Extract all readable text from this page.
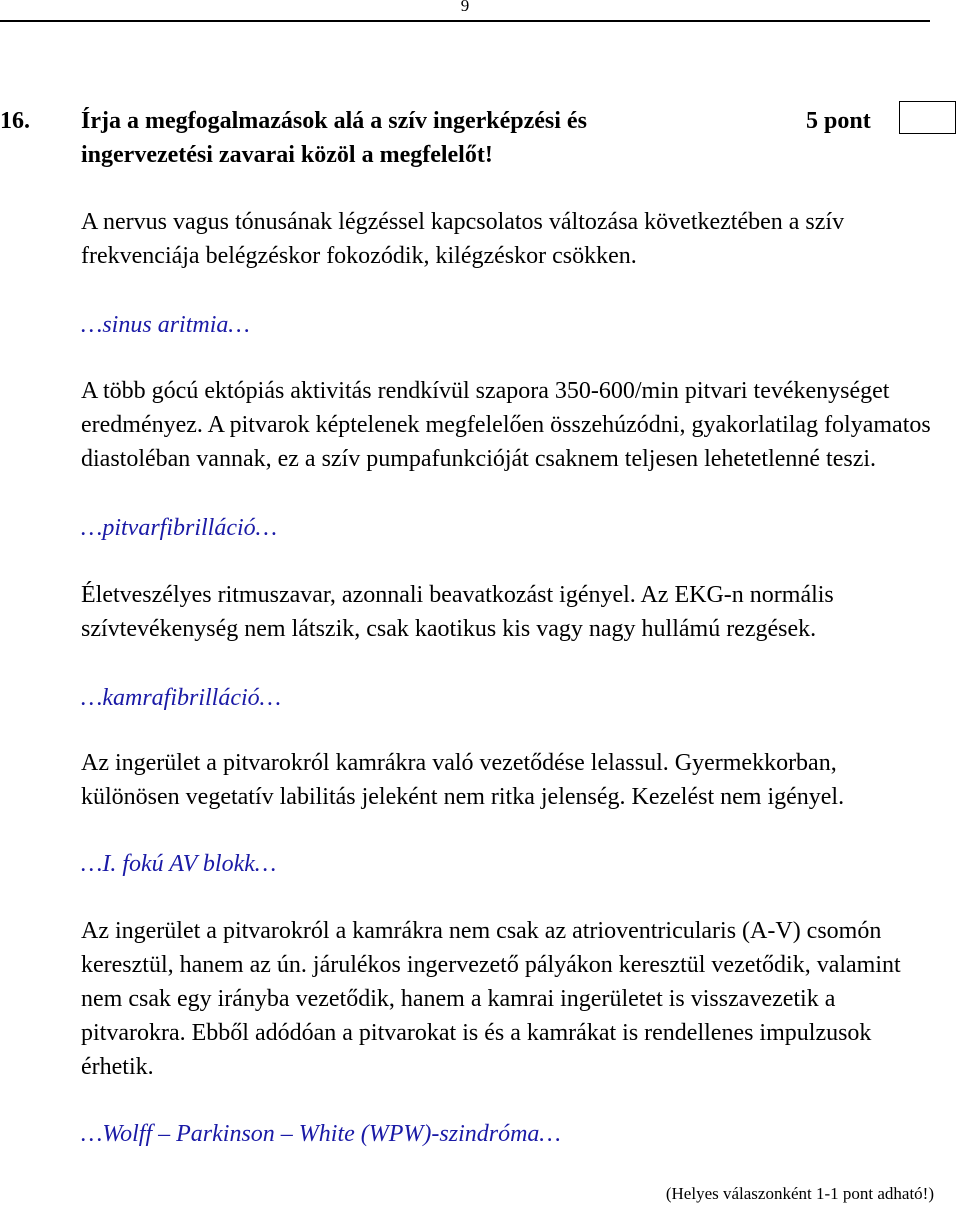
9
16. Írja a megfogalmazások alá a szív ingerképzési és ingervezetési zavarai közöl a megfelelőt!
5 pont
A nervus vagus tónusának légzéssel kapcsolatos változása következtében a szív frekvenciája belégzéskor fokozódik, kilégzéskor csökken.
…sinus aritmia…
A több gócú ektópiás aktivitás rendkívül szapora 350-600/min pitvari tevékenységet eredményez. A pitvarok képtelenek megfelelően összehúzódni, gyakorlatilag folyamatos diastoléban vannak, ez a szív pumpafunkcióját csaknem teljesen lehetetlenné teszi.
…pitvarfibrilláció…
Életveszélyes ritmuszavar, azonnali beavatkozást igényel. Az EKG-n normális szívtevékenység nem látszik, csak kaotikus kis vagy nagy hullámú rezgések.
…kamrafibrilláció…
Az ingerület a pitvarokról kamrákra való vezetődése lelassul. Gyermekkorban, különösen vegetatív labilitás jeleként nem ritka jelenség. Kezelést nem igényel.
…I. fokú AV blokk…
Az ingerület a pitvarokról a kamrákra nem csak az atrioventricularis (A-V) csomón keresztül, hanem az ún. járulékos ingervezető pályákon keresztül vezetődik, valamint nem csak egy irányba vezetődik, hanem a kamrai ingerületet is visszavezetik a pitvarokra. Ebből adódóan a pitvarokat is és a kamrákat is rendellenes impulzusok érhetik.
…Wolff – Parkinson – White (WPW)-szindróma…
(Helyes válaszonként 1-1 pont adható!)
